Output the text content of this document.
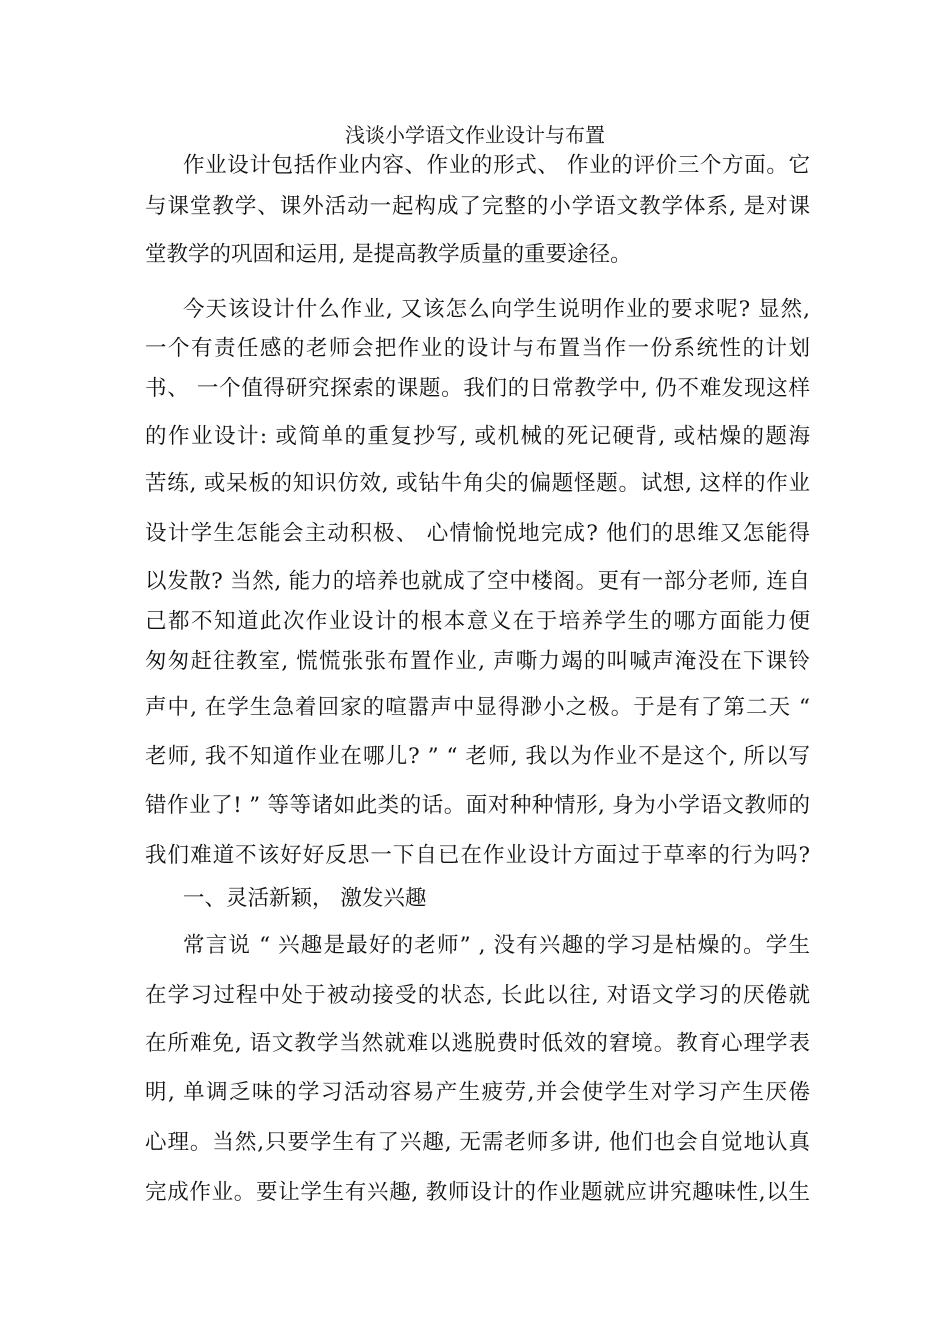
浅谈小学语文作业设计与布置
作业设计包括作业内容、作业的形式、 作业的评价三个方面。它
与课堂教学、课外活动一起构成了完整的小学语文教学体系, 是对课
堂教学的巩固和运用, 是提高教学质量的重要途径。
今天该设计什么作业, 又该怎么向学生说明作业的要求呢? 显然,
一个有责任感的老师会把作业的设计与布置当作一份系统性的计划
书、 一个值得研究探索的课题。我们的日常教学中, 仍不难发现这样
的作业设计: 或简单的重复抄写, 或机械的死记硬背, 或枯燥的题海
苦练, 或呆板的知识仿效, 或钻牛角尖的偏题怪题。试想, 这样的作业
设计学生怎能会主动积极、 心情愉悦地完成? 他们的思维又怎能得
以发散? 当然, 能力的培养也就成了空中楼阁。更有一部分老师, 连自
己都不知道此次作业设计的根本意义在于培养学生的哪方面能力便
匆匆赶往教室, 慌慌张张布置作业, 声嘶力竭的叫喊声淹没在下课铃
声中, 在学生急着回家的喧嚣声中显得渺小之极。于是有了第二天 “
老师, 我不知道作业在哪儿? ” “ 老师, 我以为作业不是这个, 所以写
错作业了! ” 等等诸如此类的话。面对种种情形, 身为小学语文教师的
我们难道不该好好反思一下自已在作业设计方面过于草率的行为吗?
一、灵活新颖， 激发兴趣
常言说 “ 兴趣是最好的老师” , 没有兴趣的学习是枯燥的。学生
在学习过程中处于被动接受的状态, 长此以往, 对语文学习的厌倦就
在所难免, 语文教学当然就难以逃脱费时低效的窘境。教育心理学表
明, 单调乏味的学习活动容易产生疲劳,并会使学生对学习产生厌倦
心理。当然,只要学生有了兴趣, 无需老师多讲, 他们也会自觉地认真
完成作业。要让学生有兴趣, 教师设计的作业题就应讲究趣味性,以生
